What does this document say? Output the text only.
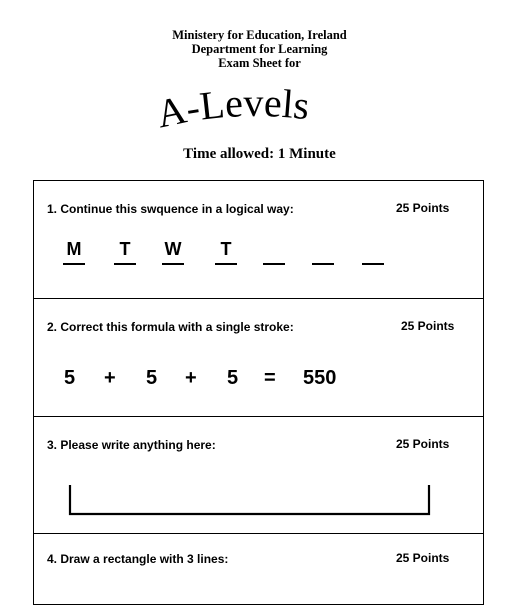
Ministery for Education, Ireland
Department for Learning
Exam Sheet for
A-Levels
Time allowed: 1 Minute
1. Continue this swquence in a logical way:	25 Points
M	T	W	T
2. Correct this formula with a single stroke:	25 Points
5 + 5 + 5 = 550
3. Please write anything here:	25 Points
4. Draw a rectangle with 3 lines:	25 Points
